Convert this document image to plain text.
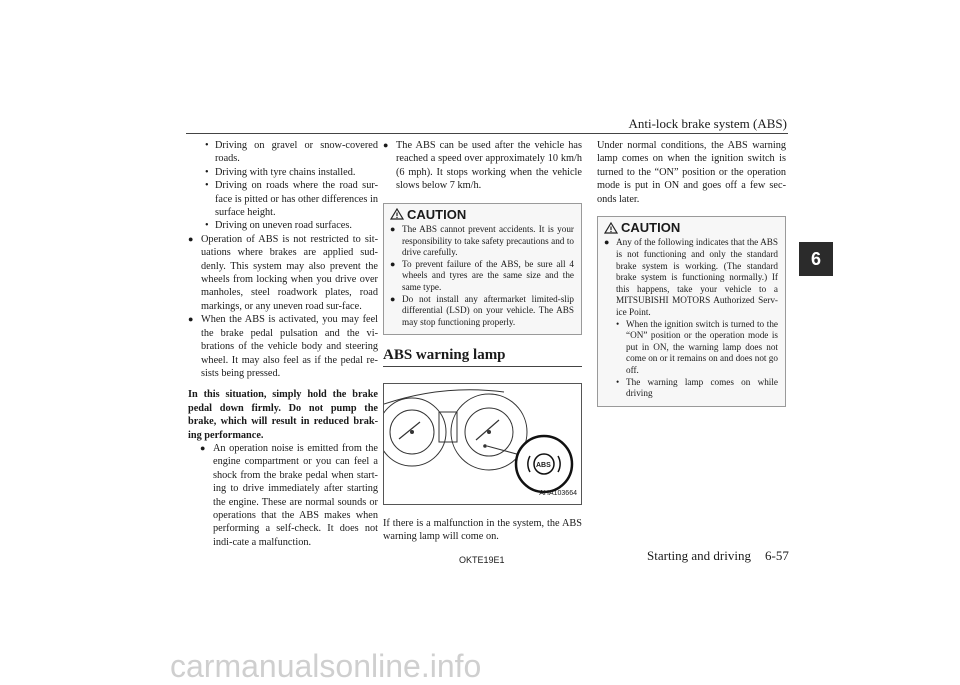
Anti-lock brake system (ABS)
6
• Driving on gravel or snow-covered roads.
• Driving with tyre chains installed.
• Driving on roads where the road sur-face is pitted or has other differences in surface height.
• Driving on uneven road surfaces.
● Operation of ABS is not restricted to sit-uations where brakes are applied sud-denly. This system may also prevent the wheels from locking when you drive over manholes, steel roadwork plates, road markings, or any uneven road sur-face.
● When the ABS is activated, you may feel the brake pedal pulsation and the vi-brations of the vehicle body and steering wheel. It may also feel as if the pedal re-sists being pressed.

In this situation, simply hold the brake pedal down firmly. Do not pump the brake, which will result in reduced brak-ing performance.

● An operation noise is emitted from the engine compartment or you can feel a shock from the brake pedal when start-ing to drive immediately after starting the engine. These are normal sounds or operations that the ABS makes when performing a self-check. It does not indi-cate a malfunction.
● The ABS can be used after the vehicle has reached a speed over approximately 10 km/h (6 mph). It stops working when the vehicle slows below 7 km/h.
CAUTION
● The ABS cannot prevent accidents. It is your responsibility to take safety precautions and to drive carefully.
● To prevent failure of the ABS, be sure all 4 wheels and tyres are the same size and the same type.
● Do not install any aftermarket limited-slip differential (LSD) on your vehicle. The ABS may stop functioning properly.
ABS warning lamp
ABS
AHA103664

If there is a malfunction in the system, the ABS warning lamp will come on.

Under normal conditions, the ABS warning lamp comes on when the ignition switch is turned to the “ON” position or the operation mode is put in ON and goes off a few sec-onds later.

CAUTION
● Any of the following indicates that the ABS is not functioning and only the standard brake system is working. (The standard brake system is functioning normally.) If this happens, take your vehicle to a MITSUBISHI MOTORS Authorized Serv-ice Point.
• When the ignition switch is turned to the “ON” position or the operation mode is put in ON, the warning lamp does not come on or it remains on and does not go off.
• The warning lamp comes on while driving
OKTE19E1	Starting and driving 6-57
carmanualsonline.info
